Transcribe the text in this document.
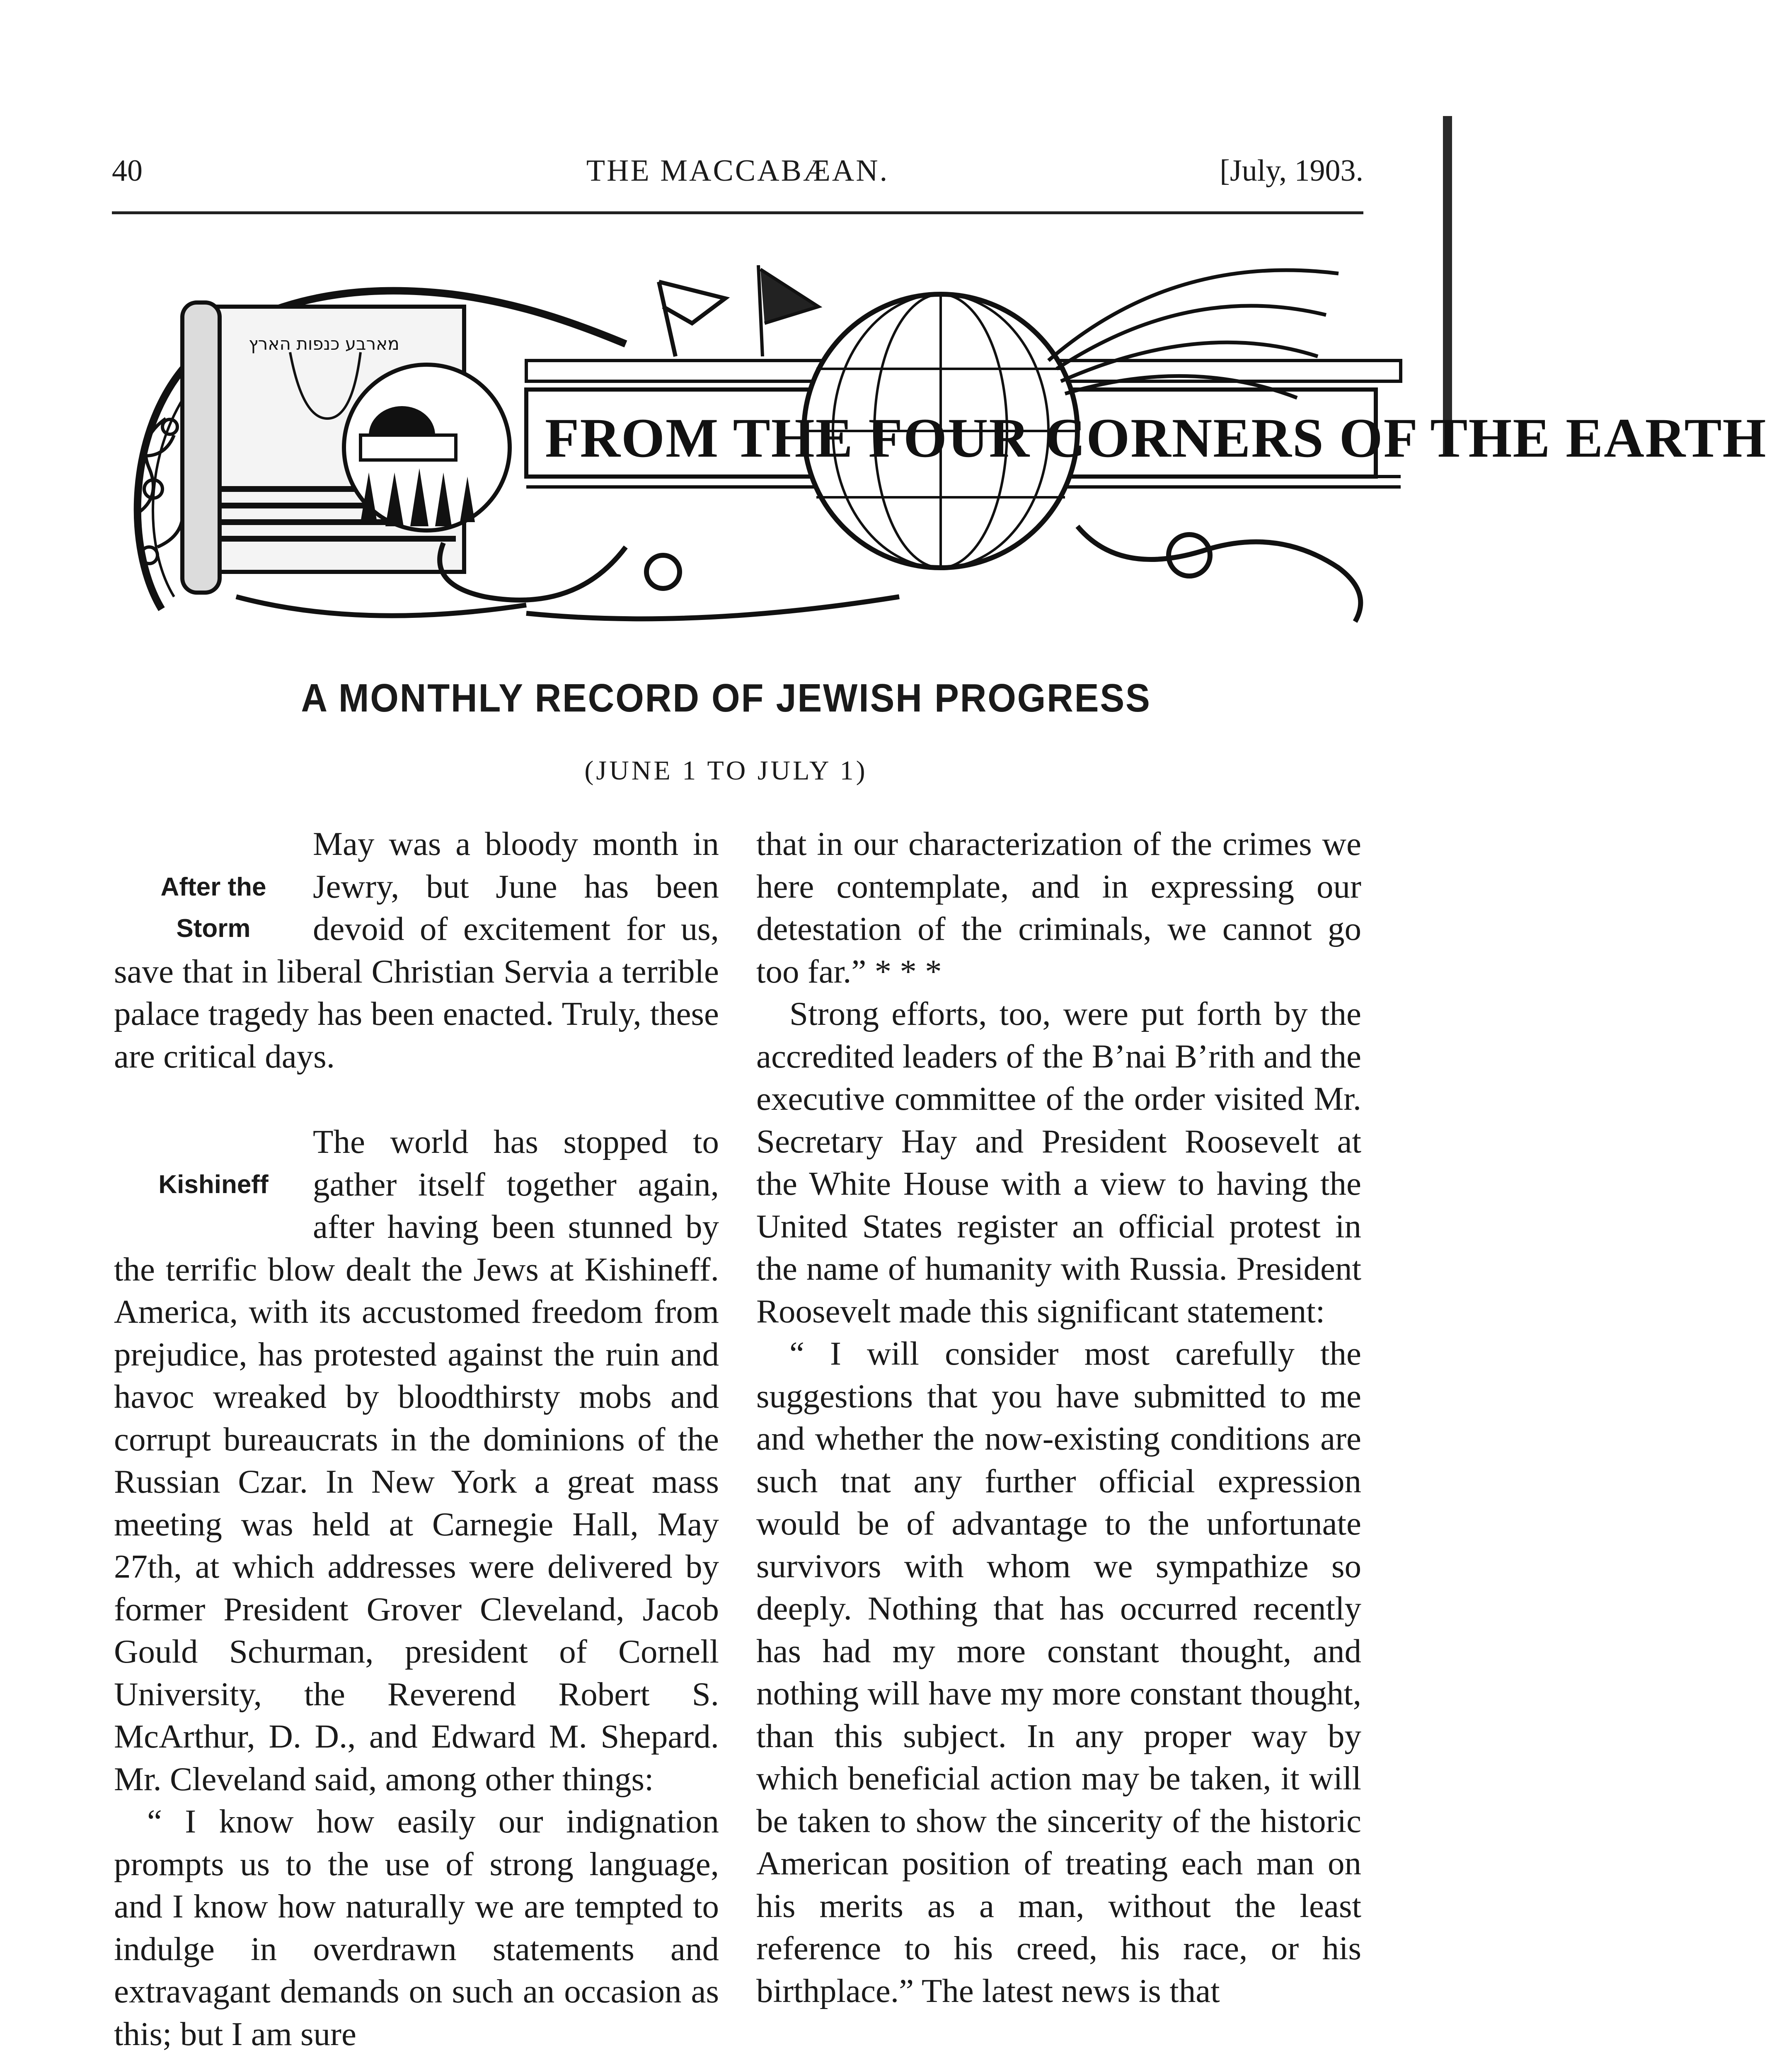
40	THE MACCABÆAN.	[July, 1903.
מארבע כנפות הארץ
FROM THE FOUR CORNERS OF THE EARTH
A MONTHLY RECORD OF JEWISH PROGRESS
(JUNE 1 TO JULY 1)
After the
Storm

May was a bloody month in Jewry, but June has been devoid of excitement for us, save that in liberal Christian Servia a terrible palace tragedy has been enacted. Truly, these are critical days.

Kishineff

The world has stopped to gather itself together again, after having been stunned by the terrific blow dealt the Jews at Kishineff. America, with its accustomed freedom from prejudice, has protested against the ruin and havoc wreaked by bloodthirsty mobs and corrupt bureaucrats in the dominions of the Russian Czar. In New York a great mass meeting was held at Carnegie Hall, May 27th, at which addresses were delivered by former President Grover Cleveland, Jacob Gould Schurman, president of Cornell University, the Reverend Robert S. McArthur, D. D., and Edward M. Shepard. Mr. Cleveland said, among other things:

“ I know how easily our indignation prompts us to the use of strong language, and I know how naturally we are tempted to indulge in overdrawn statements and extravagant demands on such an occasion as this; but I am sure

that in our characterization of the crimes we here contemplate, and in expressing our detestation of the criminals, we cannot go too far.” * * *

Strong efforts, too, were put forth by the accredited leaders of the B’nai B’rith and the executive committee of the order visited Mr. Secretary Hay and President Roosevelt at the White House with a view to having the United States register an official protest in the name of humanity with Russia. President Roosevelt made this significant statement:

“ I will consider most carefully the suggestions that you have submitted to me and whether the now-existing conditions are such tnat any further official expression would be of advantage to the unfortunate survivors with whom we sympathize so deeply. Nothing that has occurred recently has had my more constant thought, and nothing will have my more constant thought, than this subject. In any proper way by which beneficial action may be taken, it will be taken to show the sincerity of the historic American position of treating each man on his merits as a man, without the least reference to his creed, his race, or his birthplace.” The latest news is that
